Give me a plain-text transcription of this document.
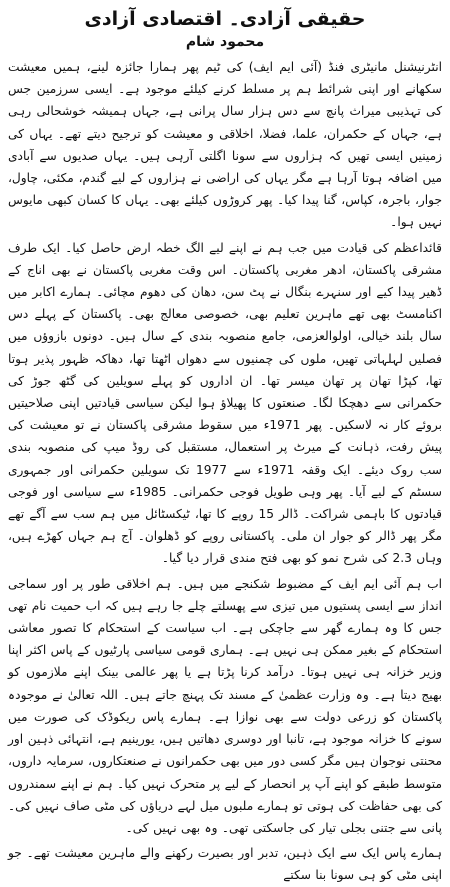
حقیقی آزادی۔ اقتصادی آزادی
محمود شام

انٹرنیشنل مانیٹری فنڈ (آئی ایم ایف) کی ٹیم پھر ہمارا جائزہ لینے، ہمیں معیشت سکھانے اور اپنی شرائط ہم پر مسلط کرنے کیلئے موجود ہے۔ ایسی سرزمین جس کی تہذیبی میراث پانچ سے دس ہزار سال پرانی ہے، جہاں ہمیشہ خوشحالی رہی ہے، جہاں کے حکمران، علما، فضلا، اخلاقی و معیشت کو ترجیح دیتے تھے۔ یہاں کی زمینیں ایسی تھیں کہ ہزاروں سے سونا اگلتی آرہی ہیں۔ یہاں صدیوں سے آبادی میں اضافہ ہوتا آرہا ہے مگر یہاں کی اراضی نے ہزاروں کے لیے گندم، مکئی، چاول، جوار، باجرہ، کپاس، گنا پیدا کیا۔ پھر کروڑوں کیلئے بھی۔ یہاں کا کسان کبھی مایوس نہیں ہوا۔

قائداعظم کی قیادت میں جب ہم نے اپنے لیے الگ خطہ ارض حاصل کیا۔ ایک طرف مشرقی پاکستان، ادھر مغربی پاکستان۔ اس وقت مغربی پاکستان نے بھی اناج کے ڈھیر پیدا کیے اور سنہرے بنگال نے پٹ سن، دھان کی دھوم مچائی۔ ہمارے اکابر میں اکنامسٹ بھی تھے ماہرین تعلیم بھی، خصوصی معالج بھی۔ پاکستان کے پہلے دس سال بلند خیالی، اولوالعزمی، جامع منصوبہ بندی کے سال ہیں۔ دونوں بازوؤں میں فصلیں لہلہاتی تھیں، ملوں کی چمنیوں سے دھواں اٹھتا تھا، دھاکہ ظہور پذیر ہوتا تھا، کپڑا تھان پر تھان میسر تھا۔ ان اداروں کو پہلے سویلین کی گٹھ جوڑ کی حکمرانی سے دھچکا لگا۔ صنعتوں کا پھیلاؤ ہوا لیکن سیاسی قیادتیں اپنی صلاحیتیں بروئے کار نہ لاسکیں۔ پھر 1971ء میں سقوط مشرقی پاکستان نے تو معیشت کی پیش رفت، ذہانت کے میرٹ پر استعمال، مستقبل کی روڈ میپ کی منصوبہ بندی سب روک دیئے۔ ایک وقفہ 1971ء سے 1977 تک سویلین حکمرانی اور جمہوری سسٹم کے لیے آیا۔ پھر وہی طویل فوجی حکمرانی۔ 1985ء سے سیاسی اور فوجی قیادتوں کا باہمی شراکت۔ ڈالر 15 روپے کا تھا، ٹیکسٹائل میں ہم سب سے آگے تھے مگر پھر ڈالر کو جوار ان ملی۔ پاکستانی روپے کو ڈھلوان۔ آج ہم جہاں کھڑے ہیں، وہاں 2.3 کی شرح نمو کو بھی فتح مندی قرار دیا گیا۔

اب ہم آئی ایم ایف کے مضبوط شکنجے میں ہیں۔ ہم اخلاقی طور پر اور سماجی انداز سے ایسی پستیوں میں تیزی سے پھسلتے چلے جا رہے ہیں کہ اب حمیت نام تھی جس کا وہ ہمارے گھر سے جاچکی ہے۔ اب سیاست کے استحکام کا تصور معاشی استحکام کے بغیر ممکن ہی نہیں ہے۔ ہماری قومی سیاسی پارٹیوں کے پاس اکثر اپنا وزیر خزانہ ہی نہیں ہوتا۔ درآمد کرنا پڑتا ہے یا پھر عالمی بینک اپنے ملازموں کو بھیج دیتا ہے۔ وہ وزارت عظمیٰ کے مسند تک پہنچ جاتے ہیں۔ اللہ تعالیٰ نے موجودہ پاکستان کو زرعی دولت سے بھی نوازا ہے۔ ہمارے پاس ریکوڈک کی صورت میں سونے کا خزانہ موجود ہے، تانبا اور دوسری دھاتیں ہیں، یورینیم ہے، انتہائی ذہین اور محنتی نوجوان ہیں مگر کسی دور میں بھی حکمرانوں نے صنعتکاروں، سرمایہ داروں، متوسط طبقے کو اپنے آپ پر انحصار کے لیے پر متحرک نہیں کیا۔ ہم نے اپنے سمندروں کی بھی حفاظت کی ہوتی تو ہمارے ملبوں میل لہے دریاؤں کی مٹی صاف نہیں کی۔ پانی سے جتنی بجلی تیار کی جاسکتی تھی۔ وہ بھی نہیں کی۔

ہمارے پاس ایک سے ایک ذہین، تدبر اور بصیرت رکھنے والے ماہرین معیشت تھے۔ جو اپنی مٹی کو ہی سونا بنا سکتے
